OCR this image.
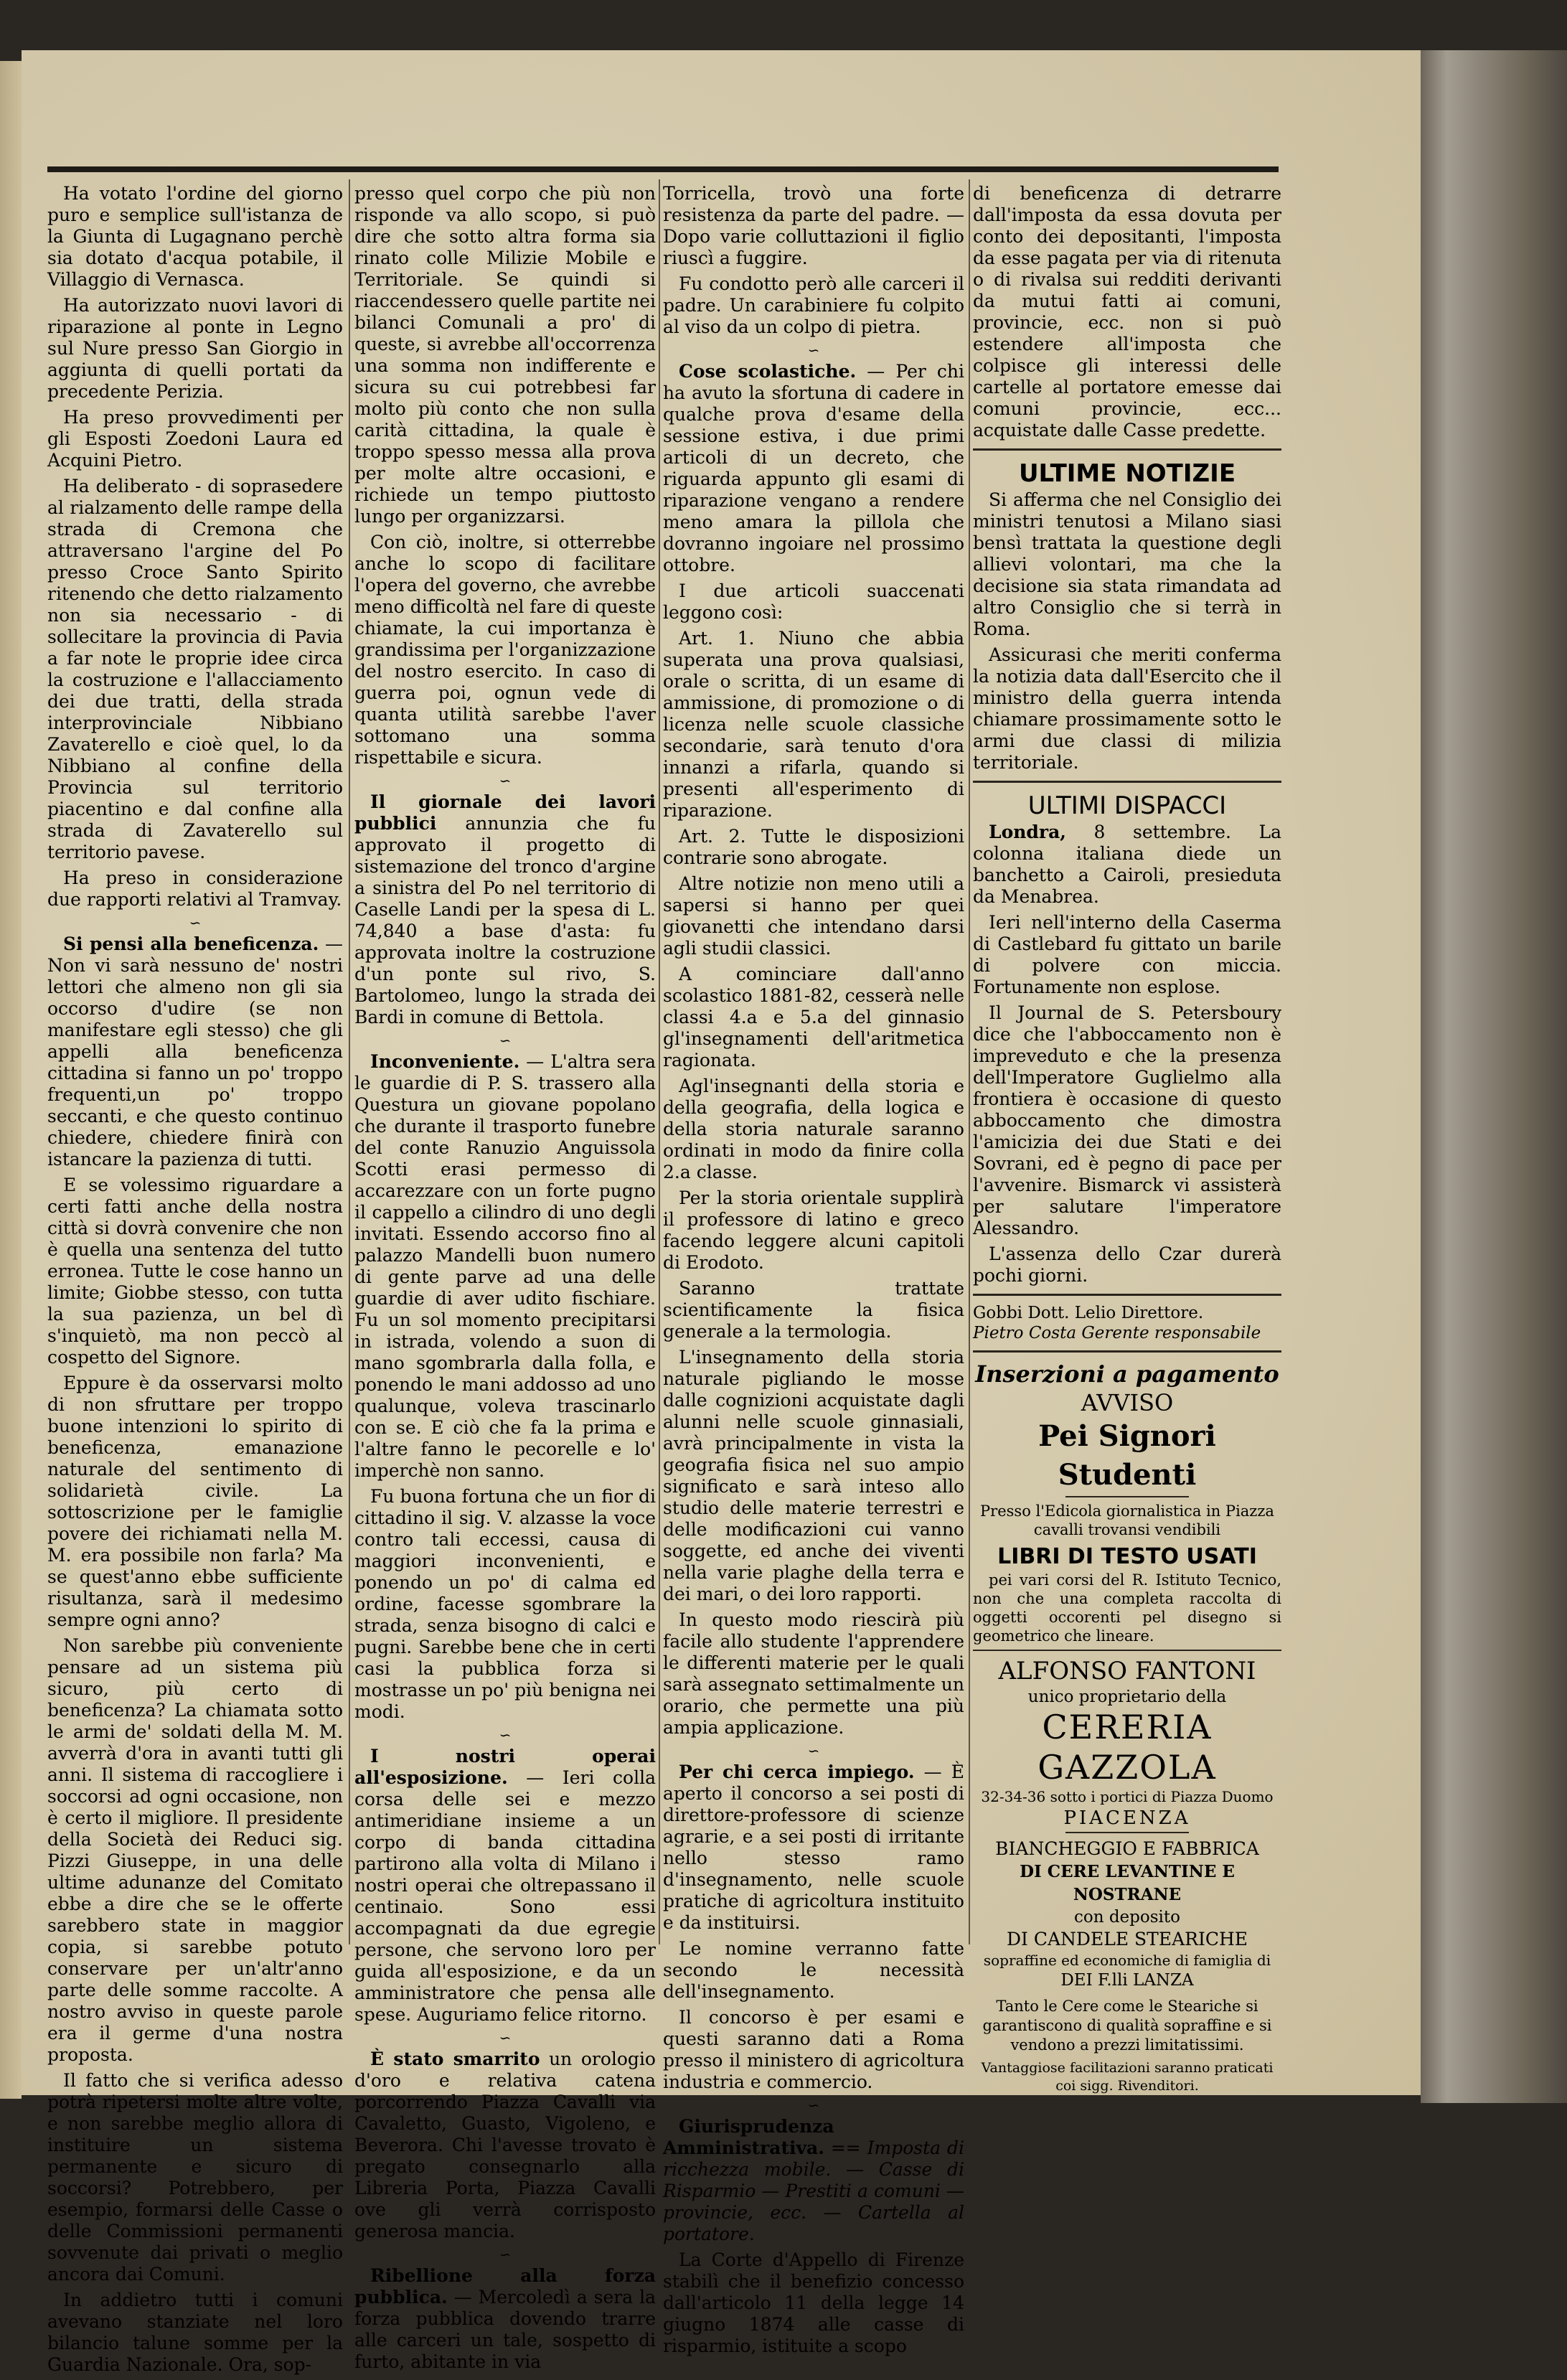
Ha votato l'ordine del giorno puro e semplice sull'istanza de la Giunta di Lugagnano perchè sia dotato d'acqua potabile, il Villaggio di Vernasca.

Ha autorizzato nuovi lavori di riparazione al ponte in Legno sul Nure presso San Giorgio in aggiunta di quelli portati da precedente Perizia.

Ha preso provvedimenti per gli Esposti Zoedoni Laura ed Acquini Pietro.

Ha deliberato - di soprasedere al rialzamento delle rampe della strada di Cremona che attraversano l'argine del Po presso Croce Santo Spirito ritenendo che detto rialzamento non sia necessario - di sollecitare la provincia di Pavia a far note le proprie idee circa la costruzione e l'allacciamento dei due tratti, della strada interprovinciale Nibbiano Zavaterello e cioè quel, lo da Nibbiano al confine della Provincia sul territorio piacentino e dal confine alla strada di Zavaterello sul territorio pavese.

Ha preso in considerazione due rapporti relativi al Tramvay.

∽

Si pensi alla beneficenza. — Non vi sarà nessuno de' nostri lettori che almeno non gli sia occorso d'udire (se non manifestare egli stesso) che gli appelli alla beneficenza cittadina si fanno un po' troppo frequenti,un po' troppo seccanti, e che questo continuo chiedere, chiedere finirà con istancare la pazienza di tutti.

E se volessimo riguardare a certi fatti anche della nostra città si dovrà convenire che non è quella una sentenza del tutto erronea. Tutte le cose hanno un limite; Giobbe stesso, con tutta la sua pazienza, un bel dì s'inquietò, ma non peccò al cospetto del Signore.

Eppure è da osservarsi molto di non sfruttare per troppo buone intenzioni lo spirito di beneficenza, emanazione naturale del sentimento di solidarietà civile. La sottoscrizione per le famiglie povere dei richiamati nella M. M. era possibile non farla? Ma se quest'anno ebbe sufficiente risultanza, sarà il medesimo sempre ogni anno?

Non sarebbe più conveniente pensare ad un sistema più sicuro, più certo di beneficenza? La chiamata sotto le armi de' soldati della M. M. avverrà d'ora in avanti tutti gli anni. Il sistema di raccogliere i soccorsi ad ogni occasione, non è certo il migliore. Il presidente della Società dei Reduci sig. Pizzi Giuseppe, in una delle ultime adunanze del Comitato ebbe a dire che se le offerte sarebbero state in maggior copia, si sarebbe potuto conservare per un'altr'anno parte delle somme raccolte. A nostro avviso in queste parole era il germe d'una nostra proposta.

Il fatto che si verifica adesso potrà ripetersi molte altre volte, e non sarebbe meglio allora di instituire un sistema permanente e sicuro di soccorsi? Potrebbero, per esempio, formarsi delle Casse o delle Commissioni permanenti sovvenute dai privati o meglio ancora dai Comuni.

In addietro tutti i comuni avevano stanziate nel loro bilancio talune somme per la Guardia Nazionale. Ora, sop-

presso quel corpo che più non risponde va allo scopo, si può dire che sotto altra forma sia rinato colle Milizie Mobile e Territoriale. Se quindi si riaccendessero quelle partite nei bilanci Comunali a pro' di queste, si avrebbe all'occorrenza una somma non indifferente e sicura su cui potrebbesi far molto più conto che non sulla carità cittadina, la quale è troppo spesso messa alla prova per molte altre occasioni, e richiede un tempo piuttosto lungo per organizzarsi.

Con ciò, inoltre, si otterrebbe anche lo scopo di facilitare l'opera del governo, che avrebbe meno difficoltà nel fare di queste chiamate, la cui importanza è grandissima per l'organizzazione del nostro esercito. In caso di guerra poi, ognun vede di quanta utilità sarebbe l'aver sottomano una somma rispettabile e sicura.

∽

Il giornale dei lavori pubblici annunzia che fu approvato il progetto di sistemazione del tronco d'argine a sinistra del Po nel territorio di Caselle Landi per la spesa di L. 74,840 a base d'asta: fu approvata inoltre la costruzione d'un ponte sul rivo, S. Bartolomeo, lungo la strada dei Bardi in comune di Bettola.

∽

Inconveniente. — L'altra sera le guardie di P. S. trassero alla Questura un giovane popolano che durante il trasporto funebre del conte Ranuzio Anguissola Scotti erasi permesso di accarezzare con un forte pugno il cappello a cilindro di uno degli invitati. Essendo accorso fino al palazzo Mandelli buon numero di gente parve ad una delle guardie di aver udito fischiare. Fu un sol momento precipitarsi in istrada, volendo a suon di mano sgombrarla dalla folla, e ponendo le mani addosso ad uno qualunque, voleva trascinarlo con se. E ciò che fa la prima e l'altre fanno le pecorelle e lo' imperchè non sanno.

Fu buona fortuna che un fior di cittadino il sig. V. alzasse la voce contro tali eccessi, causa di maggiori inconvenienti, e ponendo un po' di calma ed ordine, facesse sgombrare la strada, senza bisogno di calci e pugni. Sarebbe bene che in certi casi la pubblica forza si mostrasse un po' più benigna nei modi.

∽

I nostri operai all'esposizione. — Ieri colla corsa delle sei e mezzo antimeridiane insieme a un corpo di banda cittadina partirono alla volta di Milano i nostri operai che oltrepassano il centinaio. Sono essi accompagnati da due egregie persone, che servono loro per guida all'esposizione, e da un amministratore che pensa alle spese. Auguriamo felice ritorno.

∽

È stato smarrito un orologio d'oro e relativa catena porcorrendo Piazza Cavalli via Cavaletto, Guasto, Vigoleno, e Beverora. Chi l'avesse trovato è pregato consegnarlo alla Libreria Porta, Piazza Cavalli ove gli verrà corrisposto generosa mancia.

∽

Ribellione alla forza pubblica. — Mercoledì a sera la forza pubblica dovendo trarre alle carceri un tale, sospetto di furto, abitante in via

Torricella, trovò una forte resistenza da parte del padre. — Dopo varie colluttazioni il figlio riuscì a fuggire.

Fu condotto però alle carceri il padre. Un carabiniere fu colpito al viso da un colpo di pietra.

∽

Cose scolastiche. — Per chi ha avuto la sfortuna di cadere in qualche prova d'esame della sessione estiva, i due primi articoli di un decreto, che riguarda appunto gli esami di riparazione vengano a rendere meno amara la pillola che dovranno ingoiare nel prossimo ottobre.

I due articoli suaccenati leggono così:

Art. 1. Niuno che abbia superata una prova qualsiasi, orale o scritta, di un esame di ammissione, di promozione o di licenza nelle scuole classiche secondarie, sarà tenuto d'ora innanzi a rifarla, quando si presenti all'esperimento di riparazione.

Art. 2. Tutte le disposizioni contrarie sono abrogate.

Altre notizie non meno utili a sapersi si hanno per quei giovanetti che intendano darsi agli studii classici.

A cominciare dall'anno scolastico 1881-82, cesserà nelle classi 4.a e 5.a del ginnasio gl'insegnamenti dell'aritmetica ragionata.

Agl'insegnanti della storia e della geografia, della logica e della storia naturale saranno ordinati in modo da finire colla 2.a classe.

Per la storia orientale supplirà il professore di latino e greco facendo leggere alcuni capitoli di Erodoto.

Saranno trattate scientificamente la fisica generale a la termologia.

L'insegnamento della storia naturale pigliando le mosse dalle cognizioni acquistate dagli alunni nelle scuole ginnasiali, avrà principalmente in vista la geografia fisica nel suo ampio significato e sarà inteso allo studio delle materie terrestri e delle modificazioni cui vanno soggette, ed anche dei viventi nella varie plaghe della terra e dei mari, o dei loro rapporti.

In questo modo riescirà più facile allo studente l'apprendere le differenti materie per le quali sarà assegnato settimalmente un orario, che permette una più ampia applicazione.

∽

Per chi cerca impiego. — È aperto il concorso a sei posti di direttore-professore di scienze agrarie, e a sei posti di irritante nello stesso ramo d'insegnamento, nelle scuole pratiche di agricoltura instituito e da instituirsi.

Le nomine verranno fatte secondo le necessità dell'insegnamento.

Il concorso è per esami e questi saranno dati a Roma presso il ministero di agricoltura industria e commercio.

∽

Giurisprudenza Amministrativa. == Imposta di ricchezza mobile. — Casse di Risparmio — Prestiti a comuni — provincie, ecc. — Cartella al portatore.

La Corte d'Appello di Firenze stabilì che il benefizio concesso dall'articolo 11 della legge 14 giugno 1874 alle casse di risparmio, istituite a scopo

di beneficenza di detrarre dall'imposta da essa dovuta per conto dei depositanti, l'imposta da esse pagata per via di ritenuta o di rivalsa sui redditi derivanti da mutui fatti ai comuni, provincie, ecc. non si può estendere all'imposta che colpisce gli interessi delle cartelle al portatore emesse dai comuni provincie, ecc... acquistate dalle Casse predette.

ULTIME NOTIZIE

Si afferma che nel Consiglio dei ministri tenutosi a Milano siasi bensì trattata la questione degli allievi volontari, ma che la decisione sia stata rimandata ad altro Consiglio che si terrà in Roma.

Assicurasi che meriti conferma la notizia data dall'Esercito che il ministro della guerra intenda chiamare prossimamente sotto le armi due classi di milizia territoriale.

ULTIMI DISPACCI

Londra, 8 settembre. La colonna italiana diede un banchetto a Cairoli, presieduta da Menabrea.

Ieri nell'interno della Caserma di Castlebard fu gittato un barile di polvere con miccia. Fortunamente non esplose.

Il Journal de S. Petersboury dice che l'abboccamento non è impreveduto e che la presenza dell'Imperatore Guglielmo alla frontiera è occasione di questo abboccamento che dimostra l'amicizia dei due Stati e dei Sovrani, ed è pegno di pace per l'avvenire. Bismarck vi assisterà per salutare l'imperatore Alessandro.

L'assenza dello Czar durerà pochi giorni.

Gobbi Dott. Lelio Direttore.
Pietro Costa Gerente responsabile
Inserzioni a pagamento
AVVISO
Pei Signori Studenti

Presso l'Edicola giornalistica in Piazza cavalli trovansi vendibili

LIBRI DI TESTO USATI

pei vari corsi del R. Istituto Tecnico, non che una completa raccolta di oggetti occorenti pel disegno si geometrico che lineare.

ALFONSO FANTONI
unico proprietario della
CERERIA GAZZOLA
32-34-36 sotto i portici di Piazza Duomo
PIACENZA
BIANCHEGGIO E FABBRICA
DI CERE LEVANTINE E NOSTRANE
con deposito
DI CANDELE STEARICHE
sopraffine ed economiche di famiglia di
DEI F.lli LANZA

Tanto le Cere come le Steariche si garantiscono di qualità sopraffine e si vendono a prezzi limitatissimi.

Vantaggiose facilitazioni saranno praticati coi sigg. Rivenditori.
